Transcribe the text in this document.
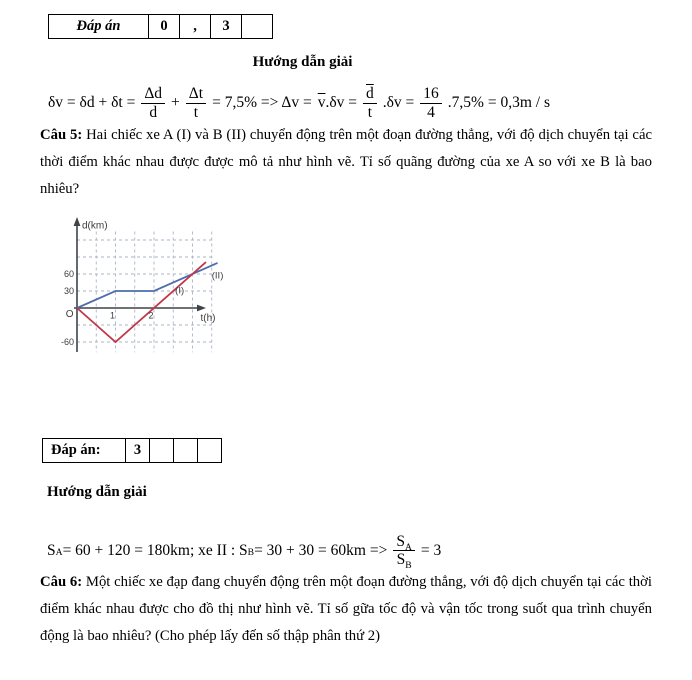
Đáp án	0	,	3	
Hướng dẫn giải
$\delta v = \delta d + \delta t = \frac{\Delta d}{d} + \frac{\Delta t}{t} = 7,5\% => \Delta v = \overline{v}$ $.\delta v = \frac{\overline{d}}{t} .\delta v = \frac{16}{4} .7,5\% = 0,3m / s$

Câu 5: Hai chiếc xe A (I) và B (II) chuyển động trên một đoạn đường thẳng, với độ dịch chuyển tại các thời điểm khác nhau được được mô tả như hình vẽ. Tỉ số quãng đường của xe A so với xe B là bao nhiêu?

(II)
(I)
d(km)
t(h)
O
60
30
-60
1	2
Đáp án:	3			
Hướng dẫn giải
S A = 60 + 120 = 180km; xe II : S $B = 30 + 30 = 60km => \frac{S_A}{S_B} = 3$

Câu 6: Một chiếc xe đạp đang chuyển động trên một đoạn đường thẳng, với độ dịch chuyển tại các thời điểm khác nhau được cho đồ thị như hình vẽ. Tỉ số gữa tốc độ và vận tốc trong suốt qua trình chuyển động là bao nhiêu? (Cho phép lấy đến số thập phân thứ 2)
